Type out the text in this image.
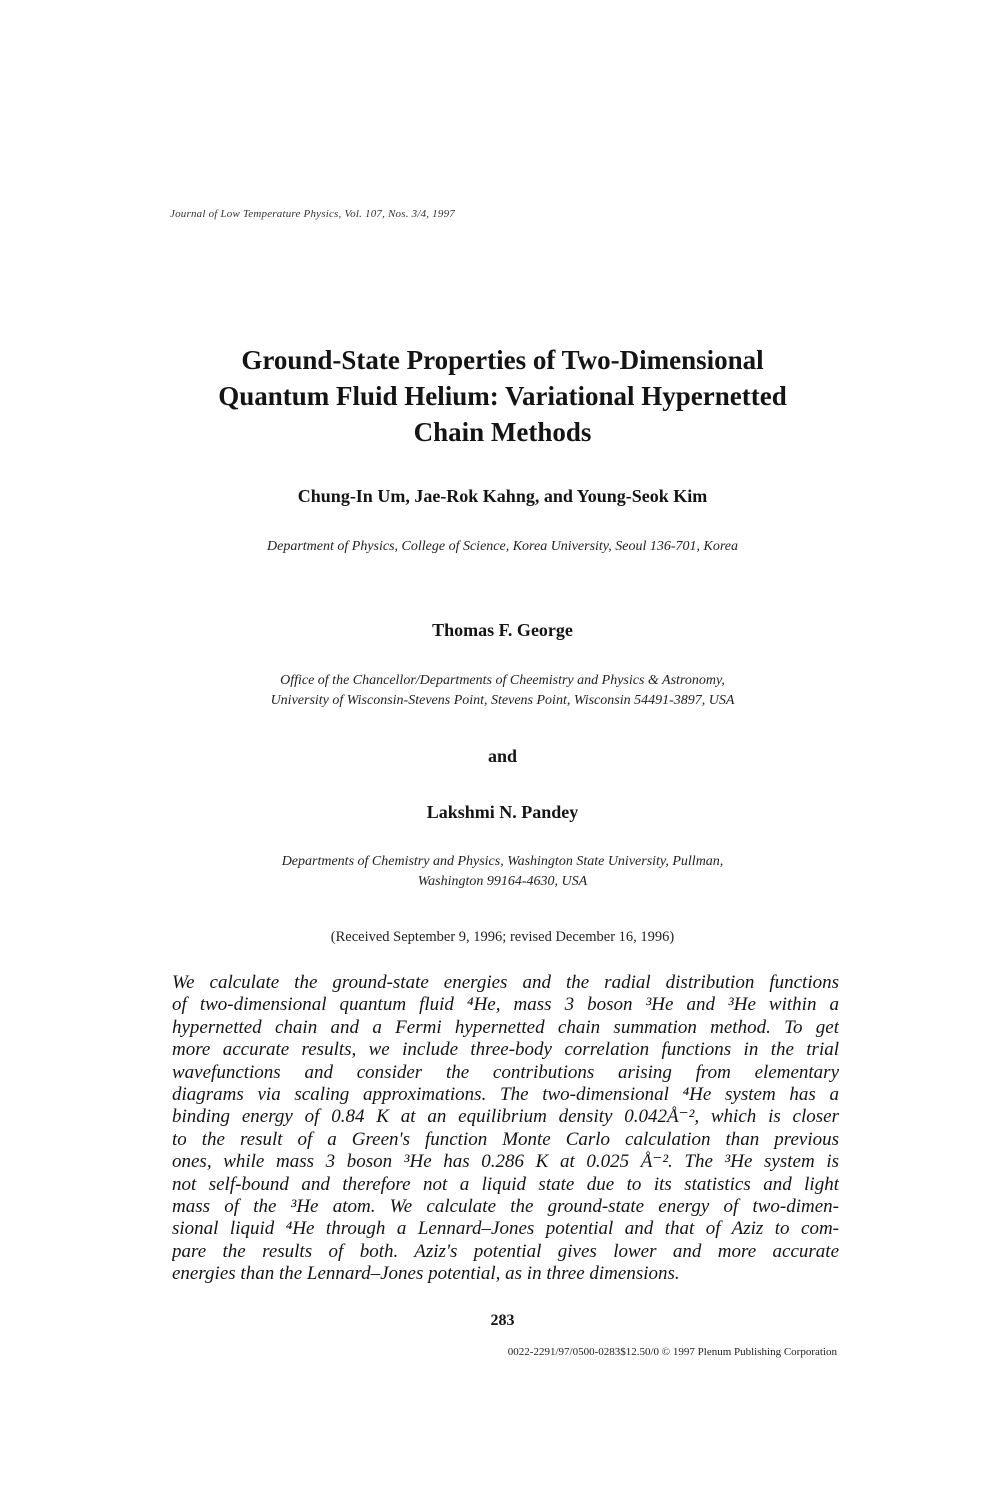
Journal of Low Temperature Physics, Vol. 107, Nos. 3/4, 1997
Ground-State Properties of Two-Dimensional
Quantum Fluid Helium: Variational Hypernetted
Chain Methods
Chung-In Um, Jae-Rok Kahng, and Young-Seok Kim
Department of Physics, College of Science, Korea University, Seoul 136-701, Korea
Thomas F. George
Office of the Chancellor/Departments of Cheemistry and Physics & Astronomy,
University of Wisconsin-Stevens Point, Stevens Point, Wisconsin 54491-3897, USA
and
Lakshmi N. Pandey
Departments of Chemistry and Physics, Washington State University, Pullman,
Washington 99164-4630, USA
(Received September 9, 1996; revised December 16, 1996)
We calculate the ground-state energies and the radial distribution functions
of two-dimensional quantum fluid ⁴He, mass 3 boson ³He and ³He within a
hypernetted chain and a Fermi hypernetted chain summation method. To get
more accurate results, we include three-body correlation functions in the trial
wavefunctions and consider the contributions arising from elementary
diagrams via scaling approximations. The two-dimensional ⁴He system has a
binding energy of 0.84 K at an equilibrium density 0.042Å⁻², which is closer
to the result of a Green's function Monte Carlo calculation than previous
ones, while mass 3 boson ³He has 0.286 K at 0.025 Å⁻². The ³He system is
not self-bound and therefore not a liquid state due to its statistics and light
mass of the ³He atom. We calculate the ground-state energy of two-dimen-
sional liquid ⁴He through a Lennard–Jones potential and that of Aziz to com-
pare the results of both. Aziz's potential gives lower and more accurate
energies than the Lennard–Jones potential, as in three dimensions.
283
0022-2291/97/0500-0283$12.50/0 © 1997 Plenum Publishing Corporation
